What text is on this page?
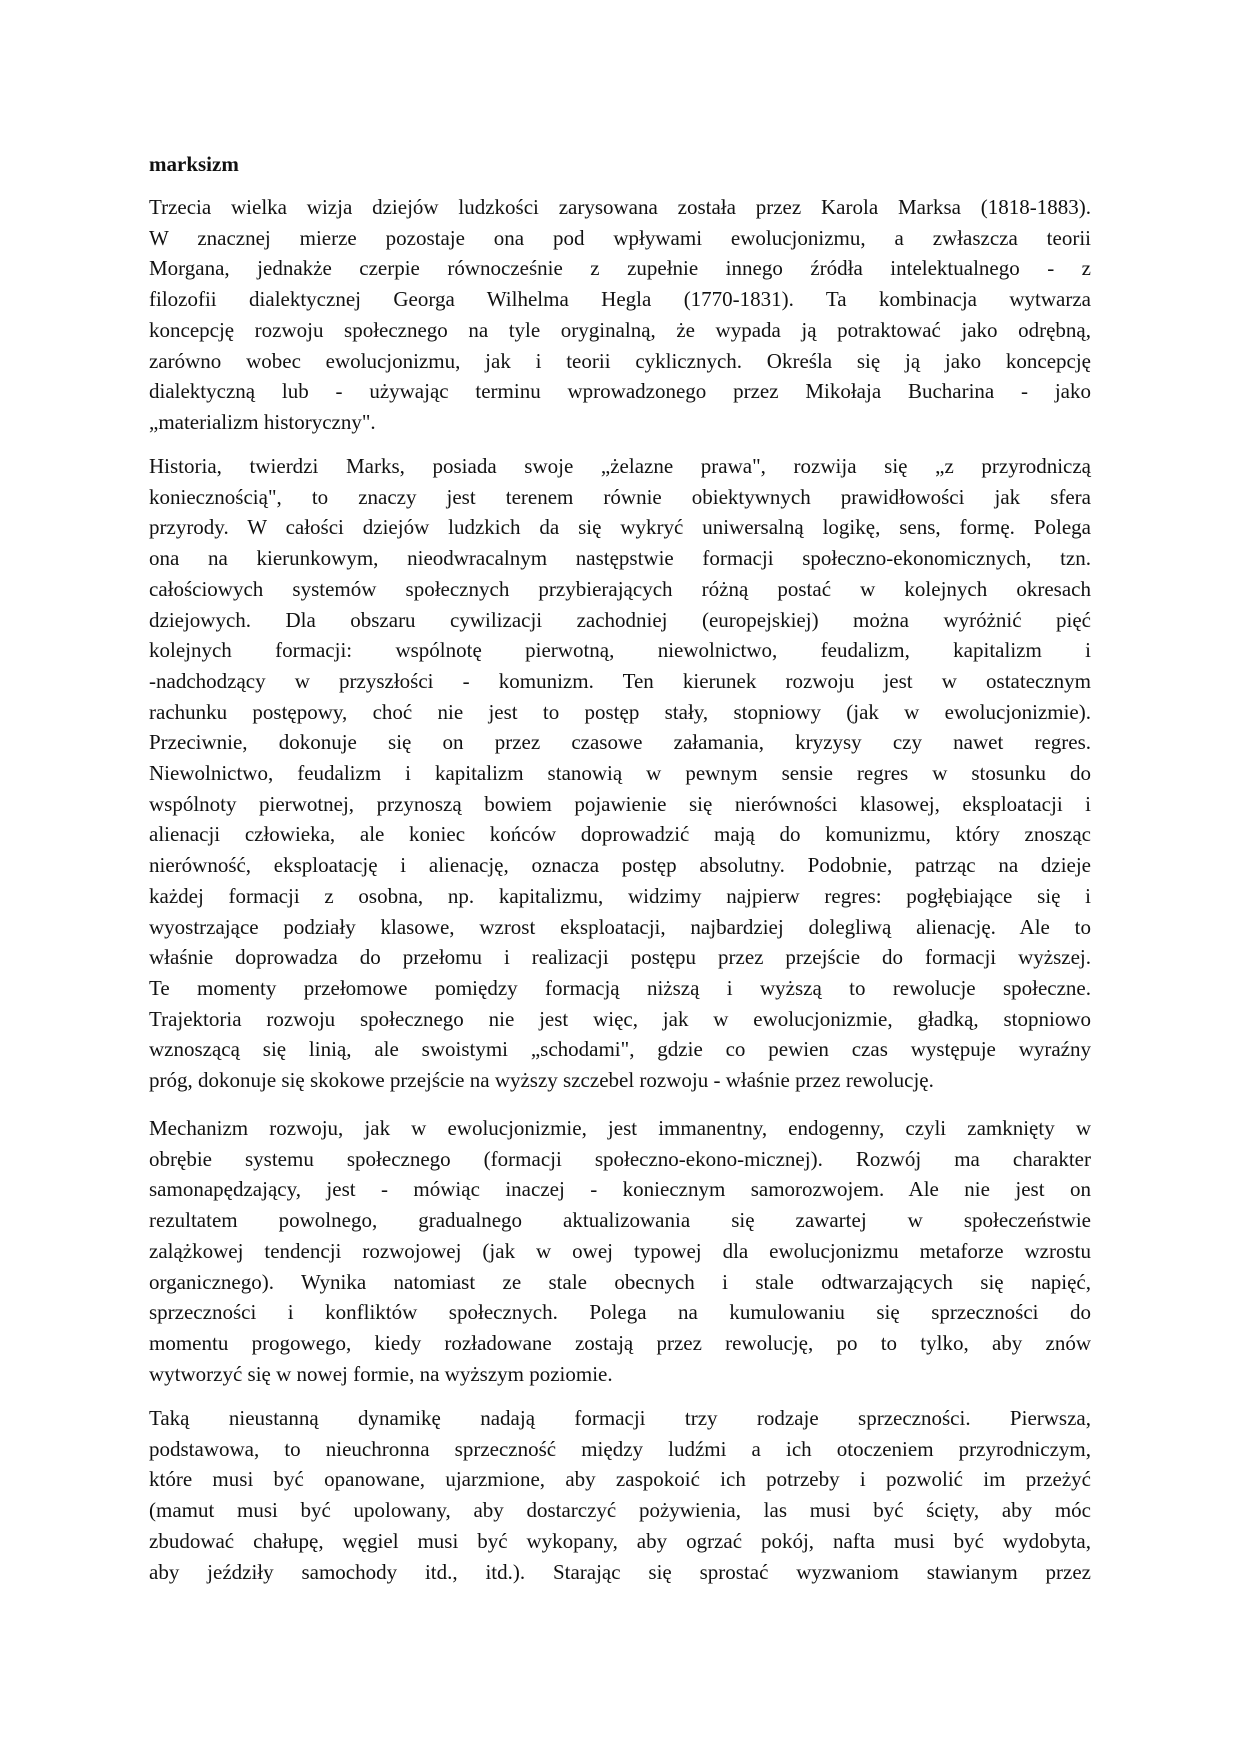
marksizm
Trzecia wielka wizja dziejów ludzkości zarysowana została przez Karola Marksa (1818-1883).
W znacznej mierze pozostaje ona pod wpływami ewolucjonizmu, a zwłaszcza teorii
Morgana, jednakże czerpie równocześnie z zupełnie innego źródła intelektualnego - z
filozofii dialektycznej Georga Wilhelma Hegla (1770-1831). Ta kombinacja wytwarza
koncepcję rozwoju społecznego na tyle oryginalną, że wypada ją potraktować jako odrębną,
zarówno wobec ewolucjonizmu, jak i teorii cyklicznych. Określa się ją jako koncepcję
dialektyczną lub - używając terminu wprowadzonego przez Mikołaja Bucharina - jako
„materializm historyczny".
Historia, twierdzi Marks, posiada swoje „żelazne prawa", rozwija się „z przyrodniczą
koniecznością", to znaczy jest terenem równie obiektywnych prawidłowości jak sfera
przyrody. W całości dziejów ludzkich da się wykryć uniwersalną logikę, sens, formę. Polega
ona na kierunkowym, nieodwracalnym następstwie formacji społeczno-ekonomicznych, tzn.
całościowych systemów społecznych przybierających różną postać w kolejnych okresach
dziejowych. Dla obszaru cywilizacji zachodniej (europejskiej) można wyróżnić pięć
kolejnych formacji: wspólnotę pierwotną, niewolnictwo, feudalizm, kapitalizm i
-nadchodzący w przyszłości - komunizm. Ten kierunek rozwoju jest w ostatecznym
rachunku postępowy, choć nie jest to postęp stały, stopniowy (jak w ewolucjonizmie).
Przeciwnie, dokonuje się on przez czasowe załamania, kryzysy czy nawet regres.
Niewolnictwo, feudalizm i kapitalizm stanowią w pewnym sensie regres w stosunku do
wspólnoty pierwotnej, przynoszą bowiem pojawienie się nierówności klasowej, eksploatacji i
alienacji człowieka, ale koniec końców doprowadzić mają do komunizmu, który znosząc
nierówność, eksploatację i alienację, oznacza postęp absolutny. Podobnie, patrząc na dzieje
każdej formacji z osobna, np. kapitalizmu, widzimy najpierw regres: pogłębiające się i
wyostrzające podziały klasowe, wzrost eksploatacji, najbardziej dolegliwą alienację. Ale to
właśnie doprowadza do przełomu i realizacji postępu przez przejście do formacji wyższej.
Te momenty przełomowe pomiędzy formacją niższą i wyższą to rewolucje społeczne.
Trajektoria rozwoju społecznego nie jest więc, jak w ewolucjonizmie, gładką, stopniowo
wznoszącą się linią, ale swoistymi „schodami", gdzie co pewien czas występuje wyraźny
próg, dokonuje się skokowe przejście na wyższy szczebel rozwoju - właśnie przez rewolucję.
Mechanizm rozwoju, jak w ewolucjonizmie, jest immanentny, endogenny, czyli zamknięty w
obrębie systemu społecznego (formacji społeczno-ekono-micznej). Rozwój ma charakter
samonapędzający, jest - mówiąc inaczej - koniecznym samorozwojem. Ale nie jest on
rezultatem powolnego, gradualnego aktualizowania się zawartej w społeczeństwie
zalążkowej tendencji rozwojowej (jak w owej typowej dla ewolucjonizmu metaforze wzrostu
organicznego). Wynika natomiast ze stale obecnych i stale odtwarzających się napięć,
sprzeczności i konfliktów społecznych. Polega na kumulowaniu się sprzeczności do
momentu progowego, kiedy rozładowane zostają przez rewolucję, po to tylko, aby znów
wytworzyć się w nowej formie, na wyższym poziomie.
Taką nieustanną dynamikę nadają formacji trzy rodzaje sprzeczności. Pierwsza,
podstawowa, to nieuchronna sprzeczność między ludźmi a ich otoczeniem przyrodniczym,
które musi być opanowane, ujarzmione, aby zaspokoić ich potrzeby i pozwolić im przeżyć
(mamut musi być upolowany, aby dostarczyć pożywienia, las musi być ścięty, aby móc
zbudować chałupę, węgiel musi być wykopany, aby ogrzać pokój, nafta musi być wydobyta,
aby jeździły samochody itd., itd.). Starając się sprostać wyzwaniom stawianym przez
